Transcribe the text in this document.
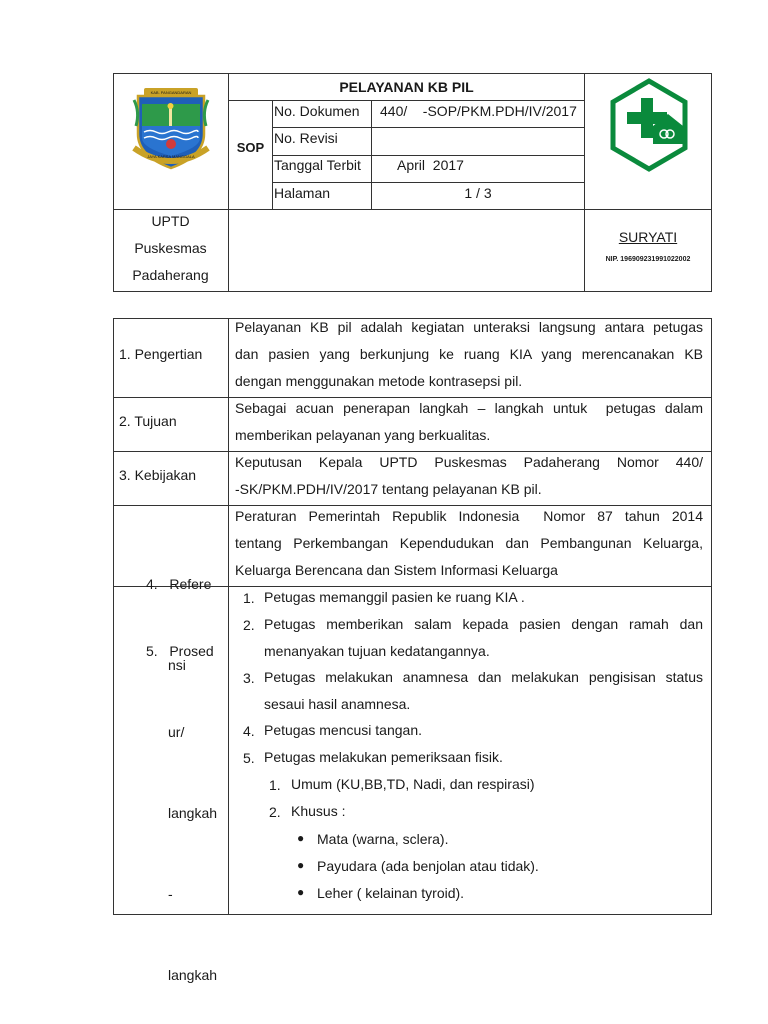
KAB. PANGANDARAN
JAYA KARSA MANGGALA
PELAYANAN KB PIL
SOP
No. Dokumen 440/    -SOP/PKM.PDH/IV/2017
No. Revisi
Tanggal Terbit	April  2017
Halaman	1 / 3
UPTD
Puskesmas
Padaherang
SURYATI
NIP. 196909231991022002
1. Pengertian
Pelayanan KB pil adalah kegiatan unteraksi langsung antara petugas
dan pasien yang berkunjung ke ruang KIA yang merencanakan KB
dengan menggunakan metode kontrasepsi pil.
2. Tujuan
Sebagai acuan penerapan langkah – langkah untuk  petugas dalam
memberikan pelayanan yang berkualitas.
3. Kebijakan
Keputusan Kepala UPTD Puskesmas Padaherang Nomor 440/
-SK/PKM.PDH/IV/2017 tentang pelayanan KB pil.

4.   Refere

nsi

Peraturan Pemerintah Republik Indonesia  Nomor 87 tahun 2014
tentang Perkembangan Kependudukan dan Pembangunan Keluarga,
Keluarga Berencana dan Sistem Informasi Keluarga

5.   Prosed

ur/

langkah

-

langkah

1. Petugas memanggil pasien ke ruang KIA .
2. Petugas memberikan salam kepada pasien dengan ramah dan
menanyakan tujuan kedatangannya.
3. Petugas melakukan anamnesa dan melakukan pengisisan status
sesaui hasil anamnesa.
4. Petugas mencusi tangan.
5. Petugas melakukan pemeriksaan fisik.
1. Umum (KU,BB,TD, Nadi, dan respirasi)
2. Khusus :
● Mata (warna, sclera).
● Payudara (ada benjolan atau tidak).
● Leher ( kelainan tyroid).
